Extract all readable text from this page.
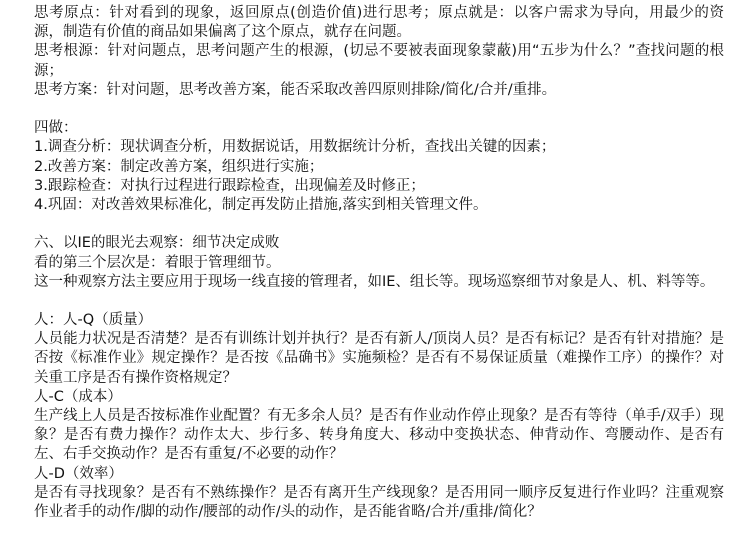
思考原点：针对看到的现象，返回原点(创造价值)进行思考；原点就是：以客户需求为导向，用最少的资源，制造有价值的商品如果偏离了这个原点，就存在问题。
思考根源：针对问题点，思考问题产生的根源，(切忌不要被表面现象蒙蔽)用“五步为什么？”查找问题的根源；
思考方案：针对问题，思考改善方案，能否采取改善四原则排除/简化/合并/重排。
四做：
1.调查分析：现状调查分析，用数据说话，用数据统计分析，查找出关键的因素；
2.改善方案：制定改善方案，组织进行实施；
3.跟踪检查：对执行过程进行跟踪检查，出现偏差及时修正；
4.巩固：对改善效果标准化，制定再发防止措施,落实到相关管理文件。
六、以IE的眼光去观察：细节决定成败
看的第三个层次是：着眼于管理细节。
这一种观察方法主要应用于现场一线直接的管理者，如IE、组长等。现场巡察细节对象是人、机、料等等。
人：人-Q（质量）
人员能力状况是否清楚？是否有训练计划并执行？是否有新人/顶岗人员？是否有标记？是否有针对措施？是否按《标准作业》规定操作？是否按《品确书》实施频检？是否有不易保证质量（难操作工序）的操作？对关重工序是否有操作资格规定？
人-C（成本）
生产线上人员是否按标准作业配置？有无多余人员？是否有作业动作停止现象？是否有等待（单手/双手）现象？是否有费力操作？动作太大、步行多、转身角度大、移动中变换状态、伸背动作、弯腰动作、是否有左、右手交换动作？是否有重复/不必要的动作？
人-D（效率）
是否有寻找现象？是否有不熟练操作？是否有离开生产线现象？是否用同一顺序反复进行作业吗？注重观察作业者手的动作/脚的动作/腰部的动作/头的动作，是否能省略/合并/重排/简化？
